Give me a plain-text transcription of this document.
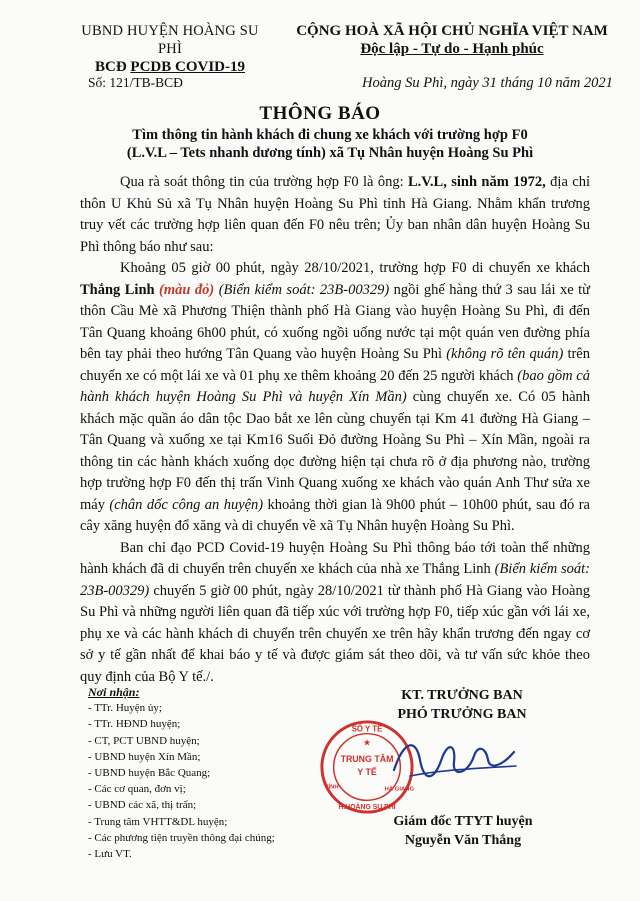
UBND HUYỆN HOÀNG SU PHÌ
BCĐ PCDB COVID-19
CỘNG HOÀ XÃ HỘI CHỦ NGHĨA VIỆT NAM
Độc lập - Tự do - Hạnh phúc
Số: 121/TB-BCĐ	Hoàng Su Phì, ngày 31 tháng 10 năm 2021
THÔNG BÁO
Tìm thông tin hành khách đi chung xe khách với trường hợp F0
(L.V.L – Tets nhanh dương tính) xã Tụ Nhân huyện Hoàng Su Phì

Qua rà soát thông tin của trường hợp F0 là ông: L.V.L, sinh năm 1972, địa chỉ thôn U Khủ Sủ xã Tụ Nhân huyện Hoàng Su Phì tỉnh Hà Giang. Nhằm khẩn trương truy vết các trường hợp liên quan đến F0 nêu trên; Ủy ban nhân dân huyện Hoàng Su Phì thông báo như sau:

Khoảng 05 giờ 00 phút, ngày 28/10/2021, trường hợp F0 di chuyển xe khách Thắng Linh (màu đỏ) (Biển kiểm soát: 23B-00329) ngồi ghế hàng thứ 3 sau lái xe từ thôn Cầu Mè xã Phương Thiện thành phố Hà Giang vào huyện Hoàng Su Phì, đi đến Tân Quang khoảng 6h00 phút, có xuống ngồi uống nước tại một quán ven đường phía bên tay phải theo hướng Tân Quang vào huyện Hoàng Su Phì (không rõ tên quán) trên chuyến xe có một lái xe và 01 phụ xe thêm khoảng 20 đến 25 người khách (bao gồm cả hành khách huyện Hoàng Su Phì và huyện Xín Mần) cùng chuyến xe. Có 05 hành khách mặc quần áo dân tộc Dao bắt xe lên cùng chuyến tại Km 41 đường Hà Giang – Tân Quang và xuống xe tại Km16 Suối Đỏ đường Hoàng Su Phì – Xín Mần, ngoài ra thông tin các hành khách xuống dọc đường hiện tại chưa rõ ở địa phương nào, trường hợp trường hợp F0 đến thị trấn Vinh Quang xuống xe khách vào quán Anh Thư sửa xe máy (chân dốc công an huyện) khoảng thời gian là 9h00 phút – 10h00 phút, sau đó ra cây xăng huyện đổ xăng và di chuyển về xã Tụ Nhân huyện Hoàng Su Phì.

Ban chỉ đạo PCD Covid-19 huyện Hoàng Su Phì thông báo tới toàn thể những hành khách đã di chuyển trên chuyến xe khách của nhà xe Thắng Linh (Biển kiểm soát: 23B-00329) chuyến 5 giờ 00 phút, ngày 28/10/2021 từ thành phố Hà Giang vào Hoàng Su Phì và những người liên quan đã tiếp xúc với trường hợp F0, tiếp xúc gần với lái xe, phụ xe và các hành khách di chuyển trên chuyến xe trên hãy khẩn trương đến ngay cơ sở y tế gần nhất để khai báo y tế và được giám sát theo dõi, và tư vấn sức khỏe theo quy định của Bộ Y tế./.

Nơi nhận:
- TTr. Huyện ủy;
- TTr. HĐND huyện;
- CT, PCT UBND huyện;
- UBND huyện Xín Mần;
- UBND huyện Bắc Quang;
- Các cơ quan, đơn vị;
- UBND các xã, thị trấn;
- Trung tâm VHTT&DL huyện;
- Các phương tiện truyền thông đại chúng;
- Lưu VT.
KT. TRƯỞNG BAN
PHÓ TRƯỞNG BAN
SỐ Y TẾ
TRUNG TÂM
Y TẾ
H.HOÀNG SU PHÌ
TỈNH	HÀ GIANG
★
Giám đốc TTYT huyện
Nguyễn Văn Thắng
